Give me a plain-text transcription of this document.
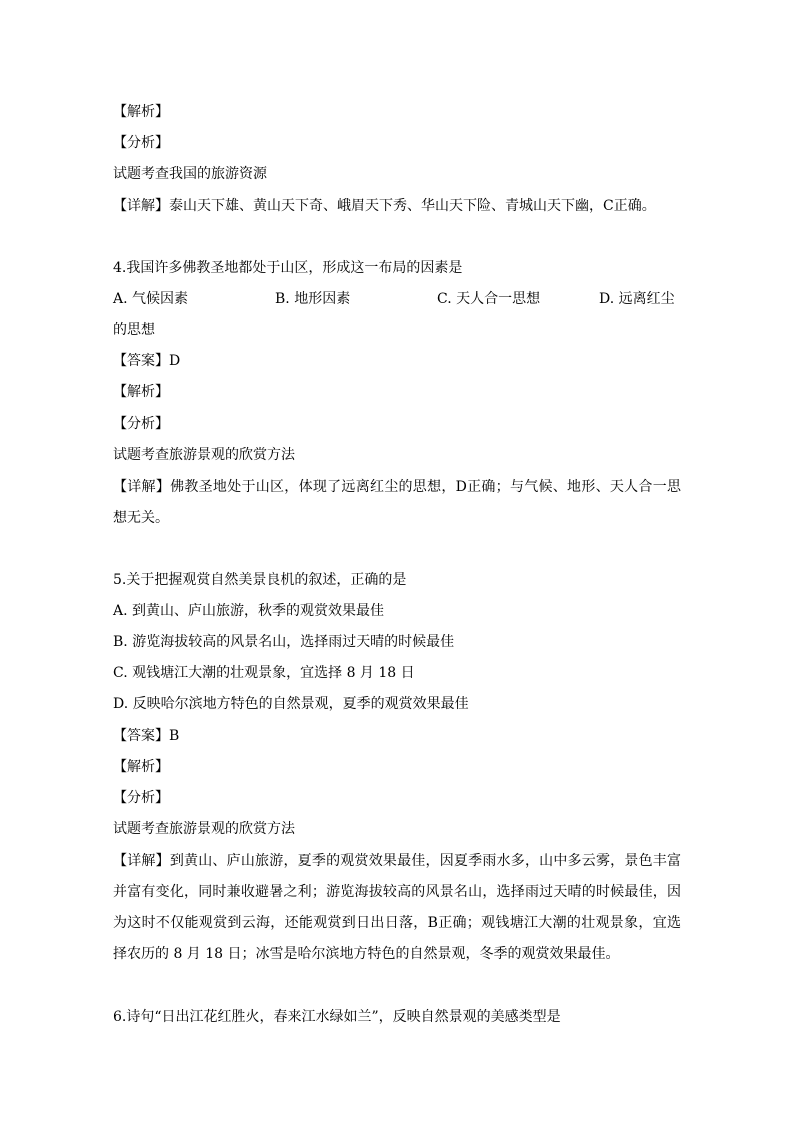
【解析】
【分析】
试题考查我国的旅游资源
【详解】泰山天下雄、黄山天下奇、峨眉天下秀、华山天下险、青城山天下幽，C正确。
4.我国许多佛教圣地都处于山区，形成这一布局的因素是
A. 气候因素	B. 地形因素	C. 天人合一思想	D. 远离红尘
的思想
【答案】D
【解析】
【分析】
试题考查旅游景观的欣赏方法
【详解】佛教圣地处于山区，体现了远离红尘的思想，D正确；与气候、地形、天人合一思想无关。
5.关于把握观赏自然美景良机的叙述，正确的是
A. 到黄山、庐山旅游，秋季的观赏效果最佳
B. 游览海拔较高的风景名山，选择雨过天晴的时候最佳
C. 观钱塘江大潮的壮观景象，宜选择 8 月 18 日
D. 反映哈尔滨地方特色的自然景观，夏季的观赏效果最佳
【答案】B
【解析】
【分析】
试题考查旅游景观的欣赏方法
【详解】到黄山、庐山旅游，夏季的观赏效果最佳，因夏季雨水多，山中多云雾，景色丰富并富有变化，同时兼收避暑之利；游览海拔较高的风景名山，选择雨过天晴的时候最佳，因为这时不仅能观赏到云海，还能观赏到日出日落，B正确；观钱塘江大潮的壮观景象，宜选择农历的 8 月 18 日；冰雪是哈尔滨地方特色的自然景观，冬季的观赏效果最佳。
6.诗句“日出江花红胜火，春来江水绿如兰”，反映自然景观的美感类型是
